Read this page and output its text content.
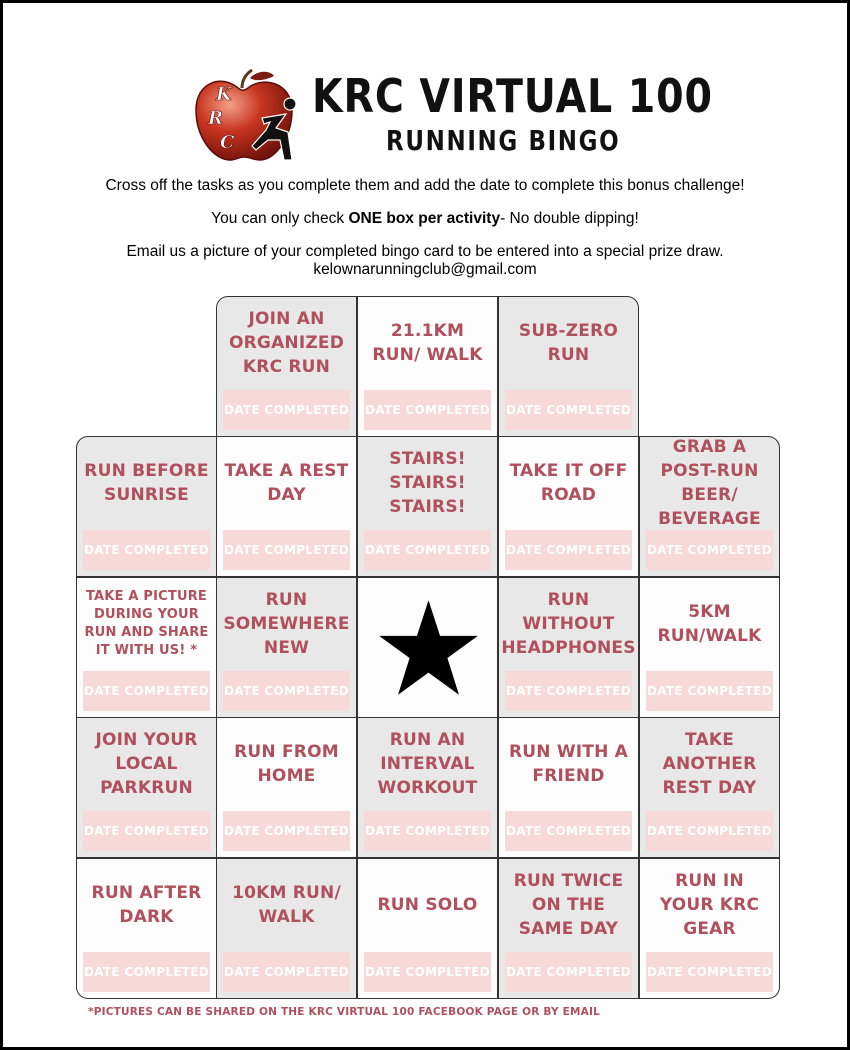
K
R
C
KRC VIRTUAL 100
RUNNING BINGO
Cross off the tasks as you complete them and add the date to complete this bonus challenge!
You can only check ONE box per activity- No double dipping!
Email us a picture of your completed bingo card to be entered into a special prize draw.
kelownarunningclub@gmail.com
JOIN AN ORGANIZED KRC RUN
DATE COMPLETED
21.1KM RUN/ WALK
DATE COMPLETED
SUB-ZERO RUN
DATE COMPLETED
RUN BEFORE SUNRISE
DATE COMPLETED
TAKE A REST DAY
DATE COMPLETED
STAIRS! STAIRS! STAIRS!
DATE COMPLETED
TAKE IT OFF ROAD
DATE COMPLETED
GRAB A POST-RUN BEER/ BEVERAGE
DATE COMPLETED
TAKE A PICTURE DURING YOUR RUN AND SHARE IT WITH US! *
DATE COMPLETED
RUN SOMEWHERE NEW
DATE COMPLETED
RUN WITHOUT HEADPHONES
DATE COMPLETED
5KM RUN/WALK
DATE COMPLETED
JOIN YOUR LOCAL PARKRUN
DATE COMPLETED
RUN FROM HOME
DATE COMPLETED
RUN AN INTERVAL WORKOUT
DATE COMPLETED
RUN WITH A FRIEND
DATE COMPLETED
TAKE ANOTHER REST DAY
DATE COMPLETED
RUN AFTER DARK
DATE COMPLETED
10KM RUN/ WALK
DATE COMPLETED
RUN SOLO
DATE COMPLETED
RUN TWICE ON THE SAME DAY
DATE COMPLETED
RUN IN YOUR KRC GEAR
DATE COMPLETED
*PICTURES CAN BE SHARED ON THE KRC VIRTUAL 100 FACEBOOK PAGE OR BY EMAIL
